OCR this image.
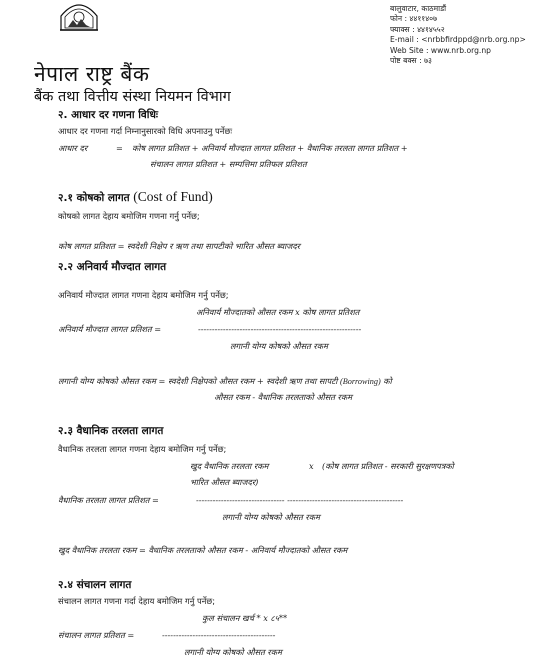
बालुवाटार, काठमाडौं
फोन : ४४११४०७
फ्याक्स : ४४१४५५२
E-mail : <nrbbfirdppd@nrb.org.np>
Web Site : www.nrb.org.np
पोष्ट बक्स : ७३
नेपाल राष्ट्र बैंक
बैंक तथा वित्तीय संस्था नियमन विभाग
२. आधार दर गणना विधिः
आधार दर गणना गर्दा निम्नानुसारको विधि अपनाउनु पर्नेछः
आधार दर	= कोष लागत प्रतिशत + अनिवार्य मौज्दात लागत प्रतिशत + वैधानिक तरलता लागत प्रतिशत +
संचालन लागत प्रतिशत + सम्पत्तिमा प्रतिफल प्रतिशत
२.१ कोषको लागत (Cost of Fund)
कोषको लागत देहाय बमोजिम गणना गर्नु पर्नेछ;
कोष लागत प्रतिशत = स्वदेशी निक्षेप र ऋण तथा सापटीको भारित औसत ब्याजदर
२.२ अनिवार्य मौज्दात लागत
अनिवार्य मौज्दात लागत गणना देहाय बमोजिम गर्नु पर्नेछ;
अनिवार्य मौज्दातको औसत रकम x कोष लागत प्रतिशत
अनिवार्य मौज्दात लागत प्रतिशत =	-----------------------------------------------------------
लगानी योग्य कोषको औसत रकम
लगानी योग्य कोषको औसत रकम = स्वदेशी निक्षेपको औसत रकम + स्वदेशी ऋण तथा सापटी (Borrowing) को
औसत रकम - वैधानिक तरलताको औसत रकम
२.३ वैधानिक तरलता लागत
वैधानिक तरलता लागत गणना देहाय बमोजिम गर्नु पर्नेछ;
खुद वैधानिक तरलता रकम	x (कोष लागत प्रतिशत - सरकारी सुरक्षणपत्रको
भारित औसत ब्याजदर)
वैधानिक तरलता लागत प्रतिशत =	-------------------------------- ------------------------------------------
लगानी योग्य कोषको औसत रकम
खुद वैधानिक तरलता रकम = वैधानिक तरलताको औसत रकम - अनिवार्य मौज्दातको औसत रकम
२.४ संचालन लागत
संचालन लागत गणना गर्दा देहाय बमोजिम गर्नु पर्नेछ;
कुल संचालन खर्च * x ८५**
संचालन लागत प्रतिशत =	-----------------------------------------
लगानी योग्य कोषको औसत रकम
